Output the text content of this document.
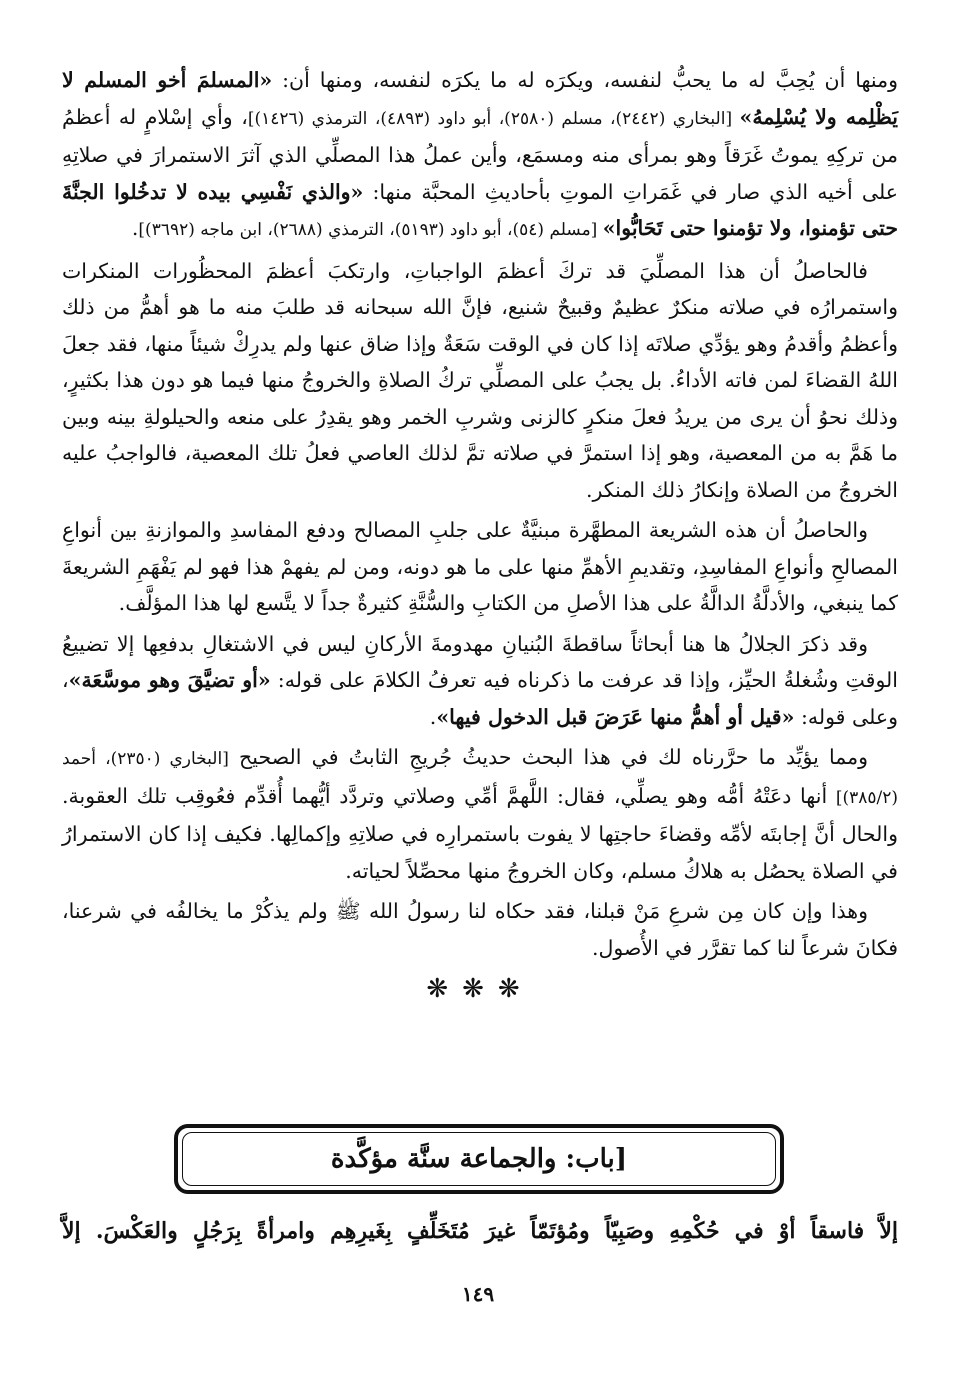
ومنها أن يُحِبَّ له ما يحبُّ لنفسه، ويكرَه له ما يكرَه لنفسه، ومنها أن: «المسلمَ أخو المسلم لا يَظْلِمه ولا يُسْلِمهُ» [البخاري (٢٤٤٢)، مسلم (٢٥٨٠)، أبو داود (٤٨٩٣)، الترمذي (١٤٢٦)]، وأي إسْلامٍ له أعظمُ من تركِهِ يموتُ غَرَقاً وهو بمرأى منه ومسمَع، وأين عملُ هذا المصلِّي الذي آثرَ الاستمرارَ في صلاتِهِ على أخيه الذي صار في غَمَراتِ الموتِ بأحاديثِ المحبَّة منها: «والذي نَفْسِي بيده لا تدخُلوا الجنَّةَ حتى تؤمنوا، ولا تؤمنوا حتى تَحَابُّوا» [مسلم (٥٤)، أبو داود (٥١٩٣)، الترمذي (٢٦٨٨)، ابن ماجه (٣٦٩٢)].

فالحاصلُ أن هذا المصلِّيَ قد تركَ أعظمَ الواجباتِ، وارتكبَ أعظمَ المحظُورات المنكرات واستمرارُه في صلاته منكرٌ عظيمٌ وقبيحٌ شنيع، فإنَّ الله سبحانه قد طلبَ منه ما هو أهمُّ من ذلك وأعظمُ وأقدمُ وهو يؤدِّي صلاتَه إذا كان في الوقت سَعَةٌ وإذا ضاق عنها ولم يدرِكْ شيئاً منها، فقد جعلَ اللهُ القضاءَ لمن فاته الأداءُ. بل يجبُ على المصلِّي تركُ الصلاةِ والخروجُ منها فيما هو دون هذا بكثيرٍ، وذلك نحوُ أن يرى من يريدُ فعلَ منكرٍ كالزنى وشربِ الخمر وهو يقدِرُ على منعه والحيلولةِ بينه وبين ما هَمَّ به من المعصية، وهو إذا استمرَّ في صلاته تمَّ لذلك العاصي فعلُ تلك المعصية، فالواجبُ عليه الخروجُ من الصلاة وإنكارُ ذلك المنكر.

والحاصلُ أن هذه الشريعة المطهَّرة مبنيَّةٌ على جلبِ المصالح ودفع المفاسدِ والموازنةِ بين أنواعِ المصالحِ وأنواعِ المفاسِدِ، وتقديمِ الأهمِّ منها على ما هو دونه، ومن لم يفهمْ هذا فهو لم يَفْهَمِ الشريعةَ كما ينبغي، والأدلَّةُ الدالَّةُ على هذا الأصلِ من الكتابِ والسُّنَّةِ كثيرةٌ جداً لا يتَّسع لها هذا المؤلَّف.

وقد ذكرَ الجلالُ ها هنا أبحاثاً ساقطةَ البُنيانِ مهدومةَ الأركانِ ليس في الاشتغالِ بدفعِها إلا تضييعُ الوقتِ وشُغلةُ الحيِّز، وإذا قد عرفت ما ذكرناه فيه تعرفُ الكلامَ على قوله: «أو تضيَّقَ وهو موسَّعَة»، وعلى قوله: «قيل أو أهمُّ منها عَرَضَ قبل الدخول فيها».

ومما يؤيِّد ما حرَّرناه لك في هذا البحث حديثُ جُريجِ الثابتُ في الصحيح [البخاري (٢٣٥٠)، أحمد (٣٨٥/٢)] أنها دعَتْهُ أمُّه وهو يصلِّي، فقال: اللَّهمَّ أمِّي وصلاتي وتردَّد أيُّهما أُقدِّم فعُوقِب تلك العقوبة. والحال أنَّ إجابتَه لأمِّه وقضاءَ حاجتِها لا يفوت باستمرارِه في صلاتِهِ وإكمالِها. فكيف إذا كان الاستمرارُ في الصلاة يحصُل به هلاكُ مسلم، وكان الخروجُ منها محصِّلاً لحياته.

وهذا وإن كان مِن شرعِ مَنْ قبلنا، فقد حكاه لنا رسولُ الله ﷺ ولم يذكُرْ ما يخالفُه في شرعنا، فكانَ شرعاً لنا كما تقرَّر في الأُصول.

❋❋❋
[باب: والجماعة سنَّة مؤكَّدة
إلاَّ فاسقاً أوْ في حُكْمِهِ وصَبِيّاً ومُؤتَمّاً غيرَ مُتَخَلِّفٍ بِغَيرِهِم وامرأةً بِرَجُلٍ والعَكْسَ. إلاَّ
١٤٩
